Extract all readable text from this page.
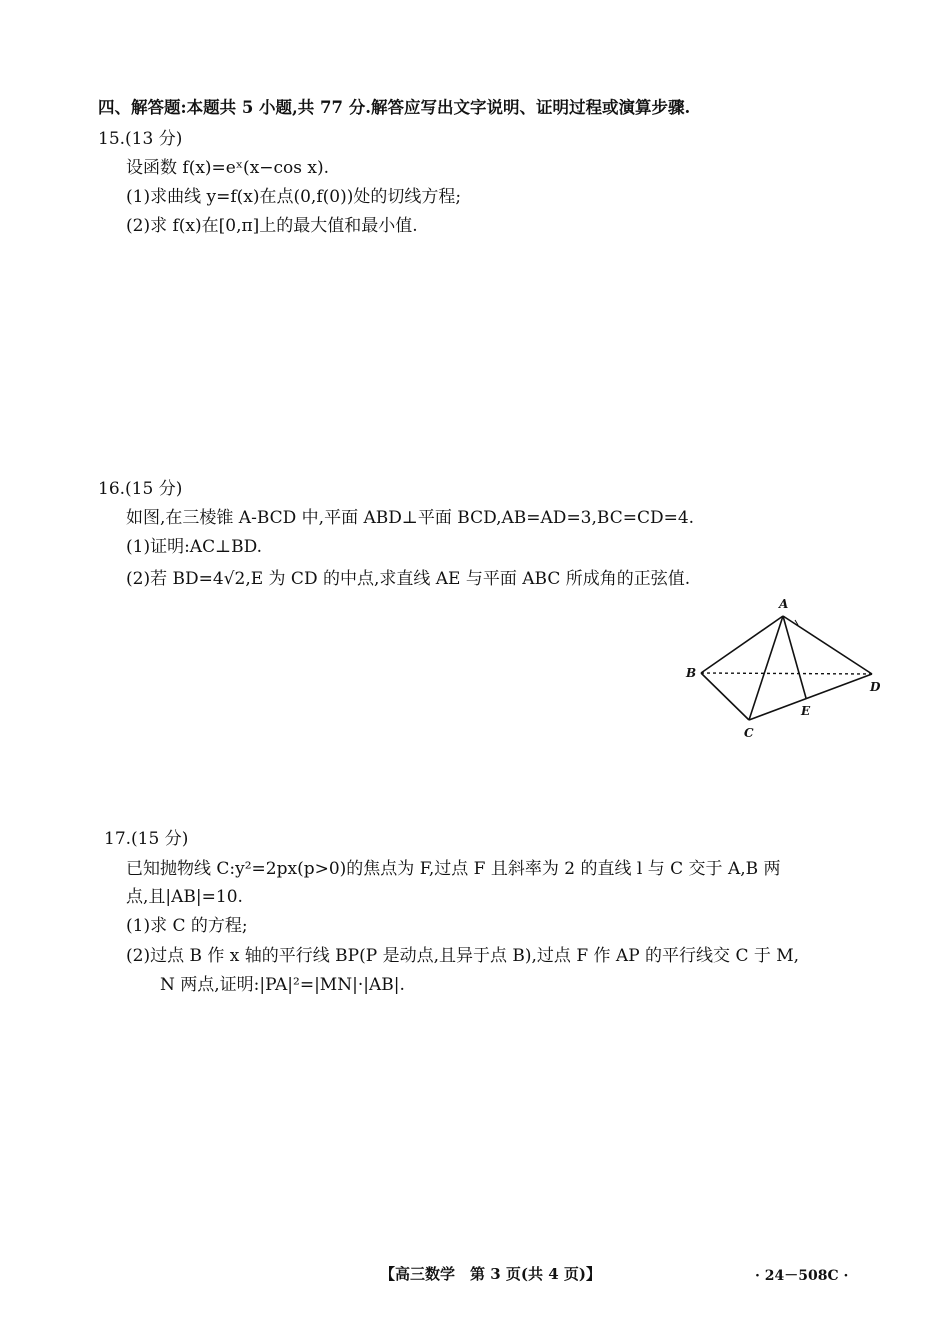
四、解答题:本题共 5 小题,共 77 分.解答应写出文字说明、证明过程或演算步骤.
15.(13 分)
设函数 f(x)=eˣ(x−cos x).
(1)求曲线 y=f(x)在点(0,f(0))处的切线方程;
(2)求 f(x)在[0,π]上的最大值和最小值.
16.(15 分)
如图,在三棱锥 A-BCD 中,平面 ABD⊥平面 BCD,AB=AD=3,BC=CD=4.
(1)证明:AC⊥BD.
(2)若 BD=4√2,E 为 CD 的中点,求直线 AE 与平面 ABC 所成角的正弦值.
A
B
C
D
E
17.(15 分)
已知抛物线 C:y²=2px(p>0)的焦点为 F,过点 F 且斜率为 2 的直线 l 与 C 交于 A,B 两
点,且|AB|=10.
(1)求 C 的方程;
(2)过点 B 作 x 轴的平行线 BP(P 是动点,且异于点 B),过点 F 作 AP 的平行线交 C 于 M,
N 两点,证明:|PA|²=|MN|·|AB|.
【高三数学　第 3 页(共 4 页)】	· 24－508C ·
